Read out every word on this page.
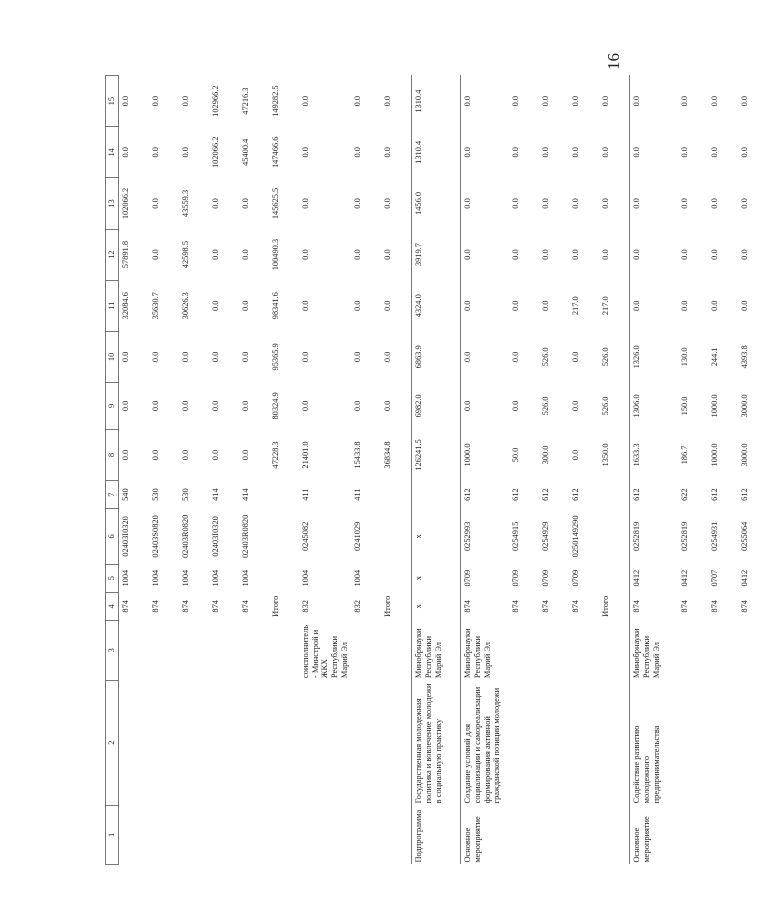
16
1	2	3	4	5	6	7	8	9	10	11	12	13	14	15
			874	1004	02403I0320	540	0.0	0.0	0.0	32084.6	57891.8	102066.2	0.0	0.0
			874	1004	02403S0820	530	0.0	0.0	0.0	35630.7	0.0	0.0	0.0	0.0
			874	1004	02403R0820	530	0.0	0.0	0.0	30626.3	42598.5	43559.3	0.0	0.0
			874	1004	02403I0320	414	0.0	0.0	0.0	0.0	0.0	0.0	102066.2	102966.2
			874	1004	02403R0820	414	0.0	0.0	0.0	0.0	0.0	0.0	45400.4	47216.3
			Итого				47228.3	80324.9	95365.9	98341.6	100490.3	145625.5	147466.6	149282.5
		соисполнитель - Минстрой и ЖКХ Республики Марий Эл	832	1004	0245082	411	21401.0	0.0	0.0	0.0	0.0	0.0	0.0	0.0
			832	1004	0241029	411	15433.8	0.0	0.0	0.0	0.0	0.0	0.0	0.0
			Итого				36834.8	0.0	0.0	0.0	0.0	0.0	0.0	0.0
Подпрограмма	Государственная молодежная политика и вовлечение молодежи в социальную практику	Минобрнауки Республики Марий Эл	x	x	x		126241.5	6982.0	6863.9	4324.0	3919.7	1456.0	1310.4	1310.4
Основное мероприятие	Создание условий для социализации и самореализации формирования активной гражданской позиции молодежи	Минобрнауки Республики Марий Эл	874	0709	0252993	612	1000.0	0.0	0.0	0.0	0.0	0.0	0.0	0.0
			874	0709	0254915	612	50.0	0.0	0.0	0.0	0.0	0.0	0.0	0.0
			874	0709	0254929	612	300.0	526.0	526.0	0.0	0.0	0.0	0.0	0.0
			874	0709	0250149290	612	0.0	0.0	0.0	217.0	0.0	0.0	0.0	0.0
			Итого				1350.0	526.0	526.0	217.0	0.0	0.0	0.0	0.0
Основное мероприятие	Содействие развитию молодежного предпринимательства	Минобрнауки Республики Марий Эл	874	0412	0252819	612	1633.3	1306.0	1326.0	0.0	0.0	0.0	0.0	0.0
			874	0412	0252819	622	186.7	150.0	130.0	0.0	0.0	0.0	0.0	0.0
			874	0707	0254931	612	1000.0	1000.0	244.1	0.0	0.0	0.0	0.0	0.0
			874	0412	0255064	612	3000.0	3000.0	4393.8	0.0	0.0	0.0	0.0	0.0
